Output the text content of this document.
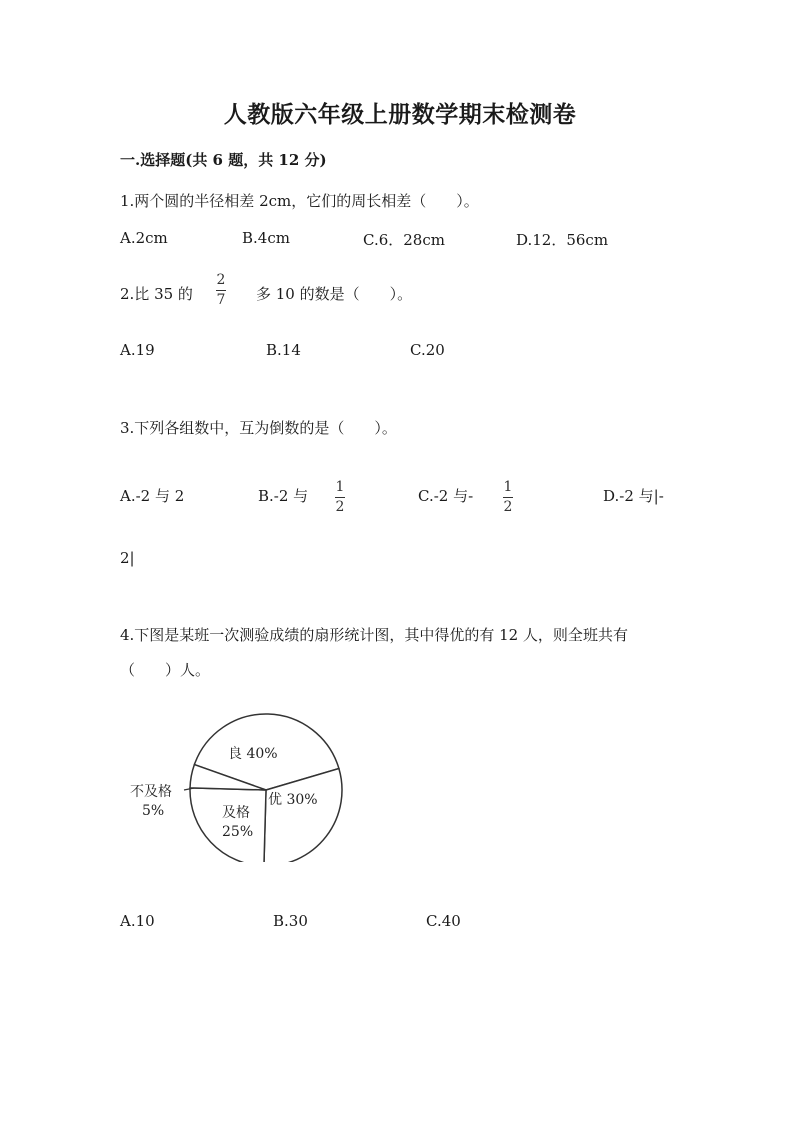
人教版六年级上册数学期末检测卷
一.选择题(共 6 题，共 12 分)
1.两个圆的半径相差 2cm，它们的周长相差（　　）。
A.2cm	B.4cm	C.6．28cm	D.12．56cm
2.比 35 的
2
7 多 10 的数是（　　）。
A.19	B.14	C.20
3.下列各组数中，互为倒数的是（　　）。
A.-2 与 2	B.-2 与 1
2
C.-2 与- 1
2
D.-2 与|-
2|
4.下图是某班一次测验成绩的扇形统计图，其中得优的有 12 人，则全班共有
（　　）人。
良 40%
优 30%
及格
25%
不及格
5%
A.10	B.30	C.40
